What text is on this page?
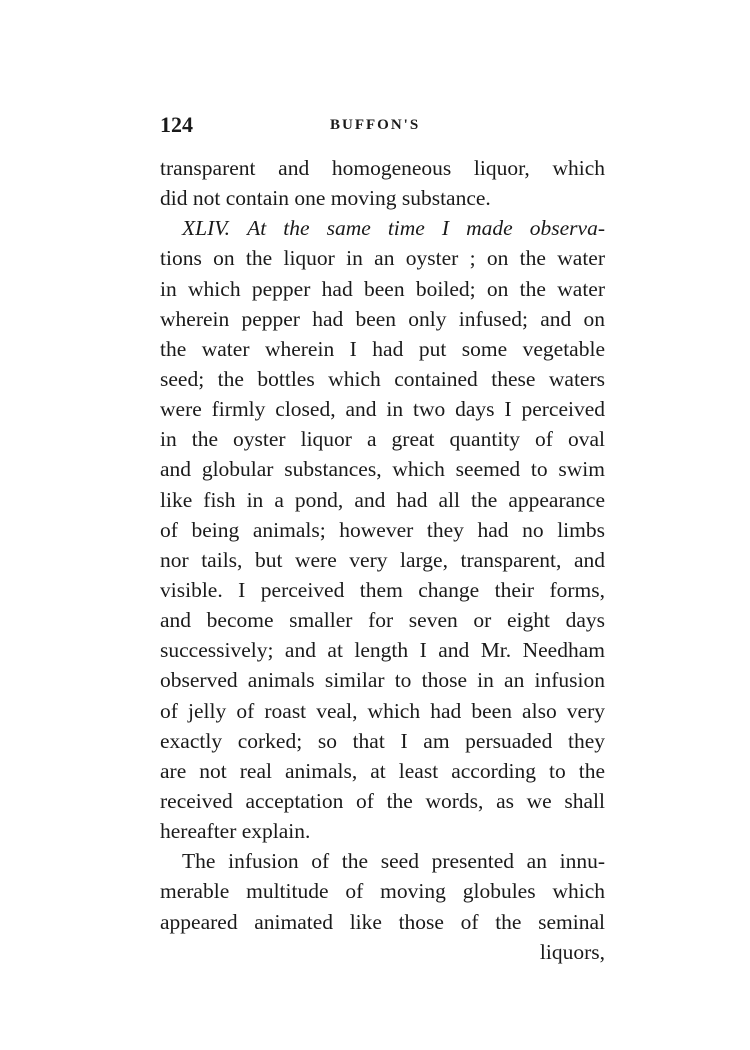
124	BUFFON'S
transparent and homogeneous liquor, which
did not contain one moving substance.
XLIV. At the same time I made observa-
tions on the liquor in an oyster ; on the water
in which pepper had been boiled; on the water
wherein pepper had been only infused; and on
the water wherein I had put some vegetable
seed; the bottles which contained these waters
were firmly closed, and in two days I perceived
in the oyster liquor a great quantity of oval
and globular substances, which seemed to swim
like fish in a pond, and had all the appearance
of being animals; however they had no limbs
nor tails, but were very large, transparent, and
visible. I perceived them change their forms,
and become smaller for seven or eight days
successively; and at length I and Mr. Needham
observed animals similar to those in an infusion
of jelly of roast veal, which had been also very
exactly corked; so that I am persuaded they
are not real animals, at least according to the
received acceptation of the words, as we shall
hereafter explain.
The infusion of the seed presented an innu-
merable multitude of moving globules which
appeared animated like those of the seminal
liquors,
